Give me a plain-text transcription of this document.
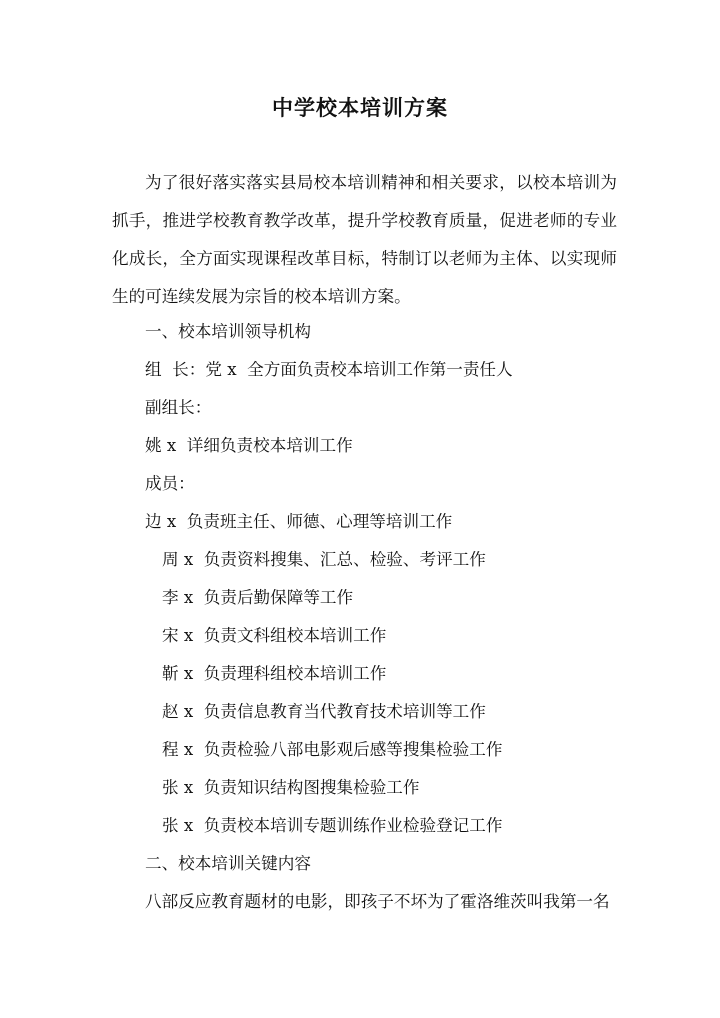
中学校本培训方案
为了很好落实落实县局校本培训精神和相关要求，以校本培训为抓手，推进学校教育教学改革，提升学校教育质量，促进老师的专业化成长，全方面实现课程改革目标，特制订以老师为主体、以实现师生的可连续发展为宗旨的校本培训方案。
一、校本培训领导机构
组  长：党 x  全方面负责校本培训工作第一责任人
副组长：
姚 x  详细负责校本培训工作
成员：
边 x  负责班主任、师德、心理等培训工作
周 x  负责资料搜集、汇总、检验、考评工作
李 x  负责后勤保障等工作
宋 x  负责文科组校本培训工作
靳 x  负责理科组校本培训工作
赵 x  负责信息教育当代教育技术培训等工作
程 x  负责检验八部电影观后感等搜集检验工作
张 x  负责知识结构图搜集检验工作
张 x  负责校本培训专题训练作业检验登记工作
二、校本培训关键内容
八部反应教育题材的电影，即孩子不坏为了霍洛维茨叫我第一名
